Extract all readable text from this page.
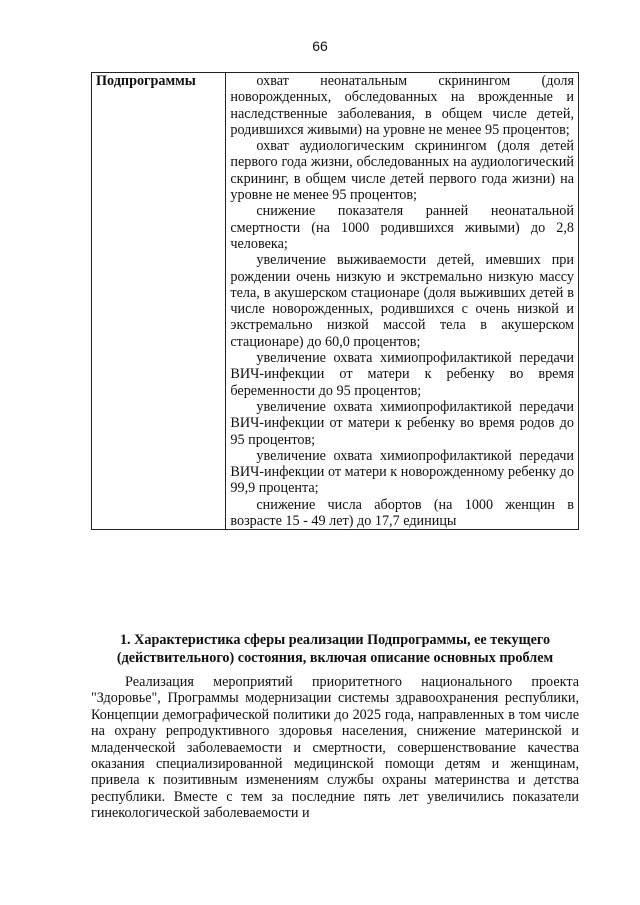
66
Подпрограммы	охват неонатальным скринингом (доля новорожденных, обследованных на врожденные и наследственные заболевания, в общем числе детей, родившихся живыми) на уровне не менее 95 процентов;

охват аудиологическим скринингом (доля детей первого года жизни, обследованных на аудиологический скрининг, в общем числе детей первого года жизни) на уровне не менее 95 процентов;

снижение показателя ранней неонатальной смертности (на 1000 родившихся живыми) до 2,8 человека;

увеличение выживаемости детей, имевших при рождении очень низкую и экстремально низкую массу тела, в акушерском стационаре (доля выживших детей в числе новорожденных, родившихся с очень низкой и экстремально низкой массой тела в акушерском стационаре) до 60,0 процентов;

увеличение охвата химиопрофилактикой передачи ВИЧ-инфекции от матери к ребенку во время беременности до 95 процентов;

увеличение охвата химиопрофилактикой передачи ВИЧ-инфекции от матери к ребенку во время родов до 95 процентов;

увеличение охвата химиопрофилактикой передачи ВИЧ-инфекции от матери к новорожденному ребенку до 99,9 процента;

снижение числа абортов (на 1000 женщин в возрасте 15 - 49 лет) до 17,7 единицы

1. Характеристика сферы реализации Подпрограммы, ее текущего
(действительного) состояния, включая описание основных проблем

Реализация мероприятий приоритетного национального проекта "Здоровье", Программы модернизации системы здравоохранения республики, Концепции демографической политики до 2025 года, направленных в том числе на охрану репродуктивного здоровья населения, снижение материнской и младенческой заболеваемости и смертности, совершенствование качества оказания специализированной медицинской помощи детям и женщинам, привела к позитивным изменениям службы охраны материнства и детства республики. Вместе с тем за последние пять лет увеличились показатели гинекологической заболеваемости и
